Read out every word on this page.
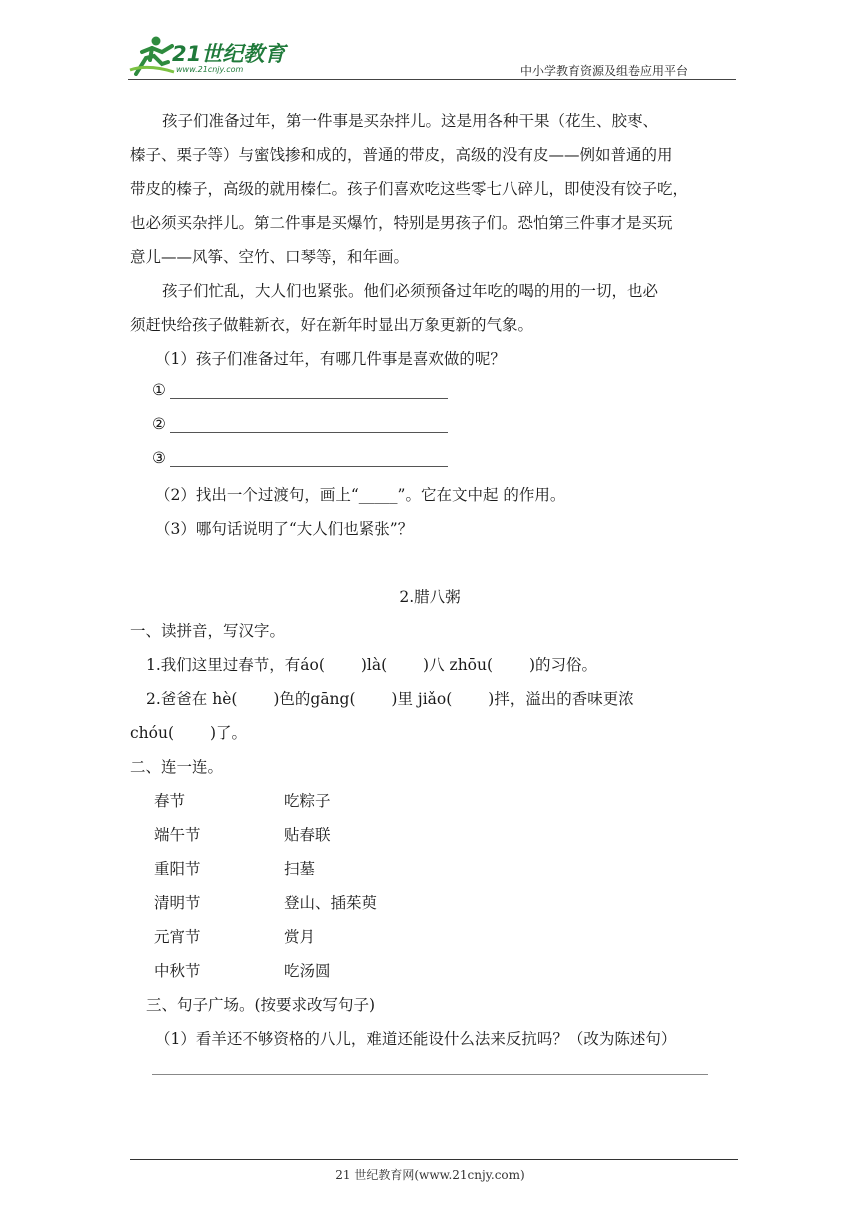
21世纪教育
www.21cnjy.com	中小学教育资源及组卷应用平台
孩子们准备过年，第一件事是买杂拌儿。这是用各种干果（花生、胶枣、
榛子、栗子等）与蜜饯掺和成的，普通的带皮，高级的没有皮——例如普通的用
带皮的榛子，高级的就用榛仁。孩子们喜欢吃这些零七八碎儿，即使没有饺子吃，
也必须买杂拌儿。第二件事是买爆竹，特别是男孩子们。恐怕第三件事才是买玩
意儿——风筝、空竹、口琴等，和年画。
孩子们忙乱，大人们也紧张。他们必须预备过年吃的喝的用的一切，也必
须赶快给孩子做鞋新衣，好在新年时显出万象更新的气象。
（1）孩子们准备过年，有哪几件事是喜欢做的呢？
①
②
③
（2）找出一个过渡句，画上“_____”。它在文中起 的作用。
（3）哪句话说明了“大人们也紧张”？
2.腊八粥
一、读拼音，写汉字。
1.我们这里过春节，有áo(　　 )là(　　 )八 zhōu(　　 )的习俗。
2.爸爸在 hè(　　 )色的gāng(　　 )里 jiǎo(　　 )拌，溢出的香味更浓
chóu(　　 )了。
二、连一连。
春节	吃粽子
端午节	贴春联
重阳节	扫墓
清明节	登山、插茱萸
元宵节	赏月
中秋节	吃汤圆
三、句子广场。(按要求改写句子)
（1）看羊还不够资格的八儿，难道还能设什么法来反抗吗？（改为陈述句）
21 世纪教育网(www.21cnjy.com)
